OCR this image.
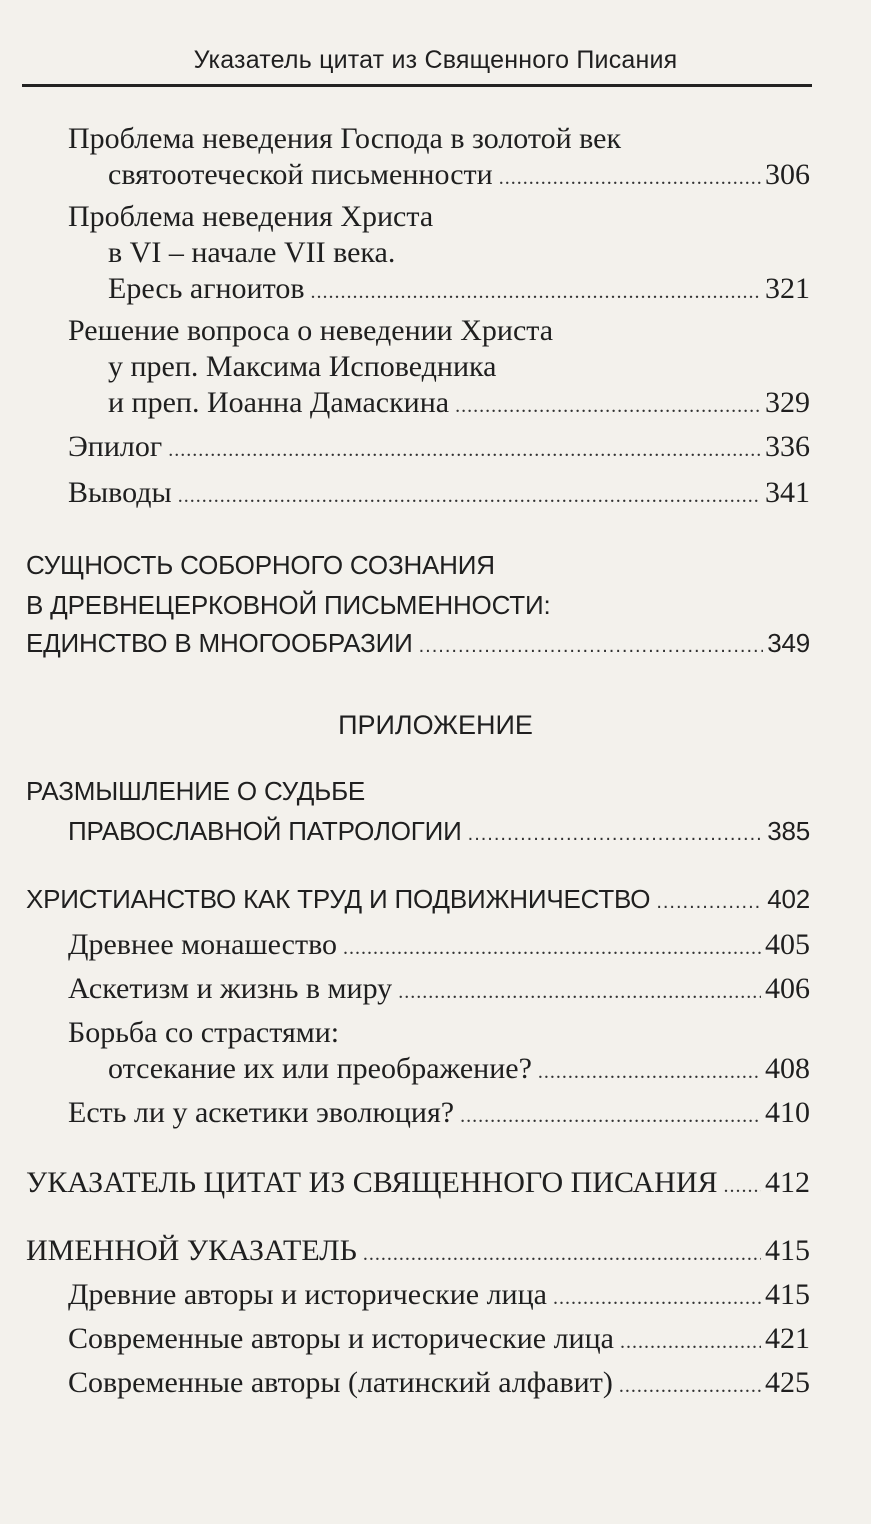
Указатель цитат из Священного Писания
Проблема неведения Господа в золотой век
святоотеческой письменности .....	306
Проблема неведения Христа
в VI – начале VII века.
Ересь агноитов .....	321
Решение вопроса о неведении Христа
у преп. Максима Исповедника
и преп. Иоанна Дамаскина .....	329
Эпилог .....	336
Выводы .....	341
СУЩНОСТЬ СОБОРНОГО СОЗНАНИЯ
В ДРЕВНЕЦЕРКОВНОЙ ПИСЬМЕННОСТИ:
ЕДИНСТВО В МНОГООБРАЗИИ .....	349
ПРИЛОЖЕНИЕ
РАЗМЫШЛЕНИЕ О СУДЬБЕ
ПРАВОСЛАВНОЙ ПАТРОЛОГИИ .....	385
ХРИСТИАНСТВО КАК ТРУД И ПОДВИЖНИЧЕСТВО .....	402
Древнее монашество .....	405
Аскетизм и жизнь в миру .....	406
Борьба со страстями:
отсекание их или преображение? .....	408
Есть ли у аскетики эволюция? .....	410
УКАЗАТЕЛЬ ЦИТАТ ИЗ СВЯЩЕННОГО ПИСАНИЯ ..... 412
ИМЕННОЙ УКАЗАТЕЛЬ .....	415
Древние авторы и исторические лица .....	415
Современные авторы и исторические лица .....	421
Современные авторы (латинский алфавит) .....	425
